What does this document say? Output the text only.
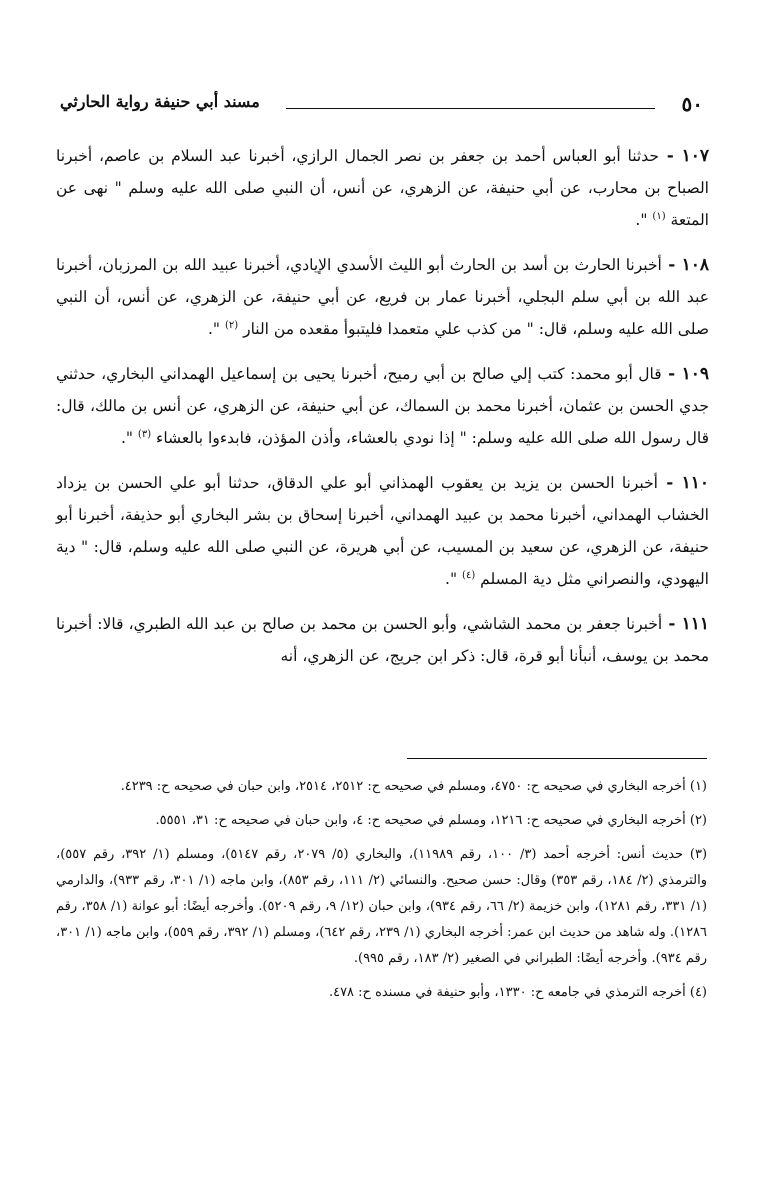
٥٠
مسند أبي حنيفة رواية الحارثي

١٠٧ - حدثنا أبو العباس أحمد بن جعفر بن نصر الجمال الرازي، أخبرنا عبد السلام بن عاصم، أخبرنا الصباح بن محارب، عن أبي حنيفة، عن الزهري، عن أنس، أن النبي صلى الله عليه وسلم " نهى عن المتعة $^{(١)}$ ".

١٠٨ - أخبرنا الحارث بن أسد بن الحارث أبو الليث الأسدي الإيادي، أخبرنا عبيد الله بن المرزبان، أخبرنا عبد الله بن أبي سلم البجلي، أخبرنا عمار بن فريع، عن أبي حنيفة، عن الزهري، عن أنس، أن النبي صلى الله عليه وسلم، قال: " من كذب علي متعمدا فليتبوأ مقعده من النار $^{(٢)}$ ".

١٠٩ - قال أبو محمد: كتب إلي صالح بن أبي رميح، أخبرنا يحيى بن إسماعيل الهمداني البخاري، حدثني جدي الحسن بن عثمان، أخبرنا محمد بن السماك، عن أبي حنيفة، عن الزهري، عن أنس بن مالك، قال: قال رسول الله صلى الله عليه وسلم: " إذا نودي بالعشاء، وأذن المؤذن، فابدءوا بالعشاء $^{(٣)}$ ".

١١٠ - أخبرنا الحسن بن يزيد بن يعقوب الهمذاني أبو علي الدقاق، حدثنا أبو علي الحسن بن يزداد الخشاب الهمداني، أخبرنا محمد بن عبيد الهمداني، أخبرنا إسحاق بن بشر البخاري أبو حذيفة، أخبرنا أبو حنيفة، عن الزهري، عن سعيد بن المسيب، عن أبي هريرة، عن النبي صلى الله عليه وسلم، قال: " دية اليهودي، والنصراني مثل دية المسلم $^{(٤)}$ ".

١١١ - أخبرنا جعفر بن محمد الشاشي، وأبو الحسن بن محمد بن صالح بن عبد الله الطبري، قالا: أخبرنا محمد بن يوسف، أنبأنا أبو قرة، قال: ذكر ابن جريج، عن الزهري، أنه

(١) أخرجه البخاري في صحيحه ح: ٤٧٥٠، ومسلم في صحيحه ح: ٢٥١٢، ٢٥١٤، وابن حبان في صحيحه ح: ٤٢٣٩.

(٢) أخرجه البخاري في صحيحه ح: ١٢١٦، ومسلم في صحيحه ح: ٤، وابن حبان في صحيحه ح: ٣١، ٥٥٥١.

(٣) حديث أنس: أخرجه أحمد (٣/ ١٠٠، رقم ١١٩٨٩)، والبخاري (٥/ ٢٠٧٩، رقم ٥١٤٧)، ومسلم (١/ ٣٩٢، رقم ٥٥٧)، والترمذي (٢/ ١٨٤، رقم ٣٥٣) وقال: حسن صحيح. والنسائي (٢/ ١١١، رقم ٨٥٣)، وابن ماجه (١/ ٣٠١، رقم ٩٣٣)، والدارمي (١/ ٣٣١، رقم ١٢٨١)، وابن خزيمة (٢/ ٦٦، رقم ٩٣٤)، وابن حبان (١٢/ ٩، رقم ٥٢٠٩). وأخرجه أيضًا: أبو عوانة (١/ ٣٥٨، رقم ١٢٨٦). وله شاهد من حديث ابن عمر: أخرجه البخاري (١/ ٢٣٩، رقم ٦٤٢)، ومسلم (١/ ٣٩٢، رقم ٥٥٩)، وابن ماجه (١/ ٣٠١، رقم ٩٣٤). وأخرجه أيضًا: الطبراني في الصغير (٢/ ١٨٣، رقم ٩٩٥).

(٤) أخرجه الترمذي في جامعه ح: ١٣٣٠، وأبو حنيفة في مسنده ح: ٤٧٨.
